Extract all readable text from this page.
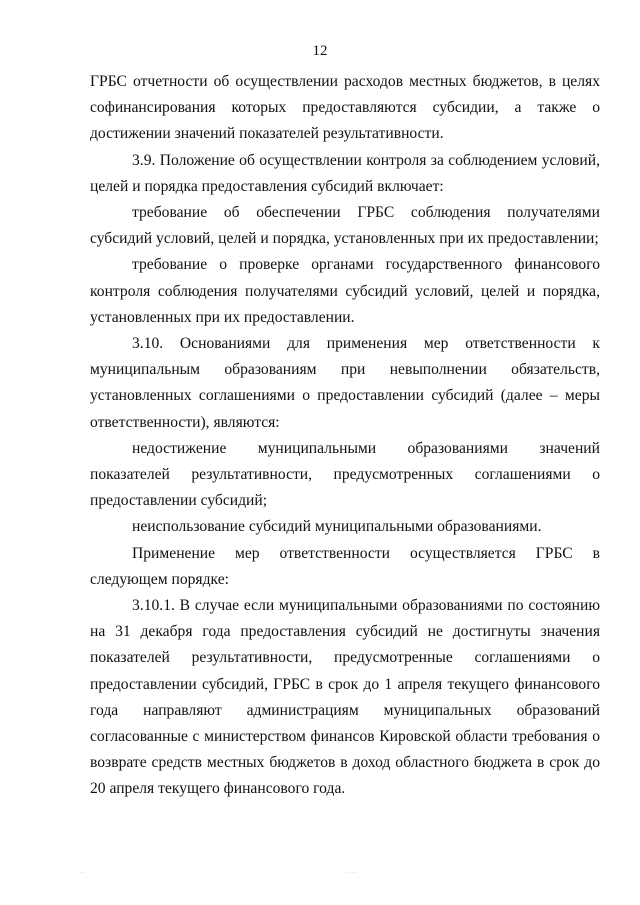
12

ГРБС отчетности об осуществлении расходов местных бюджетов, в целях софинансирования которых предоставляются субсидии, а также о достижении значений показателей результативности.

3.9. Положение об осуществлении контроля за соблюдением условий, целей и порядка предоставления субсидий включает:

требование об обеспечении ГРБС соблюдения получателями субсидий условий, целей и порядка, установленных при их предоставлении;

требование о проверке органами государственного финансового контроля соблюдения получателями субсидий условий, целей и порядка, установленных при их предоставлении.

3.10. Основаниями для применения мер ответственности к муниципальным образованиям при невыполнении обязательств, установленных соглашениями о предоставлении субсидий (далее – меры ответственности), являются:

недостижение муниципальными образованиями значений показателей результативности, предусмотренных соглашениями о предоставлении субсидий;

неиспользование субсидий муниципальными образованиями.

Применение мер ответственности осуществляется ГРБС в следующем порядке:

3.10.1. В случае если муниципальными образованиями по состоянию на 31 декабря года предоставления субсидий не достигнуты значения показателей результативности, предусмотренные соглашениями о предоставлении субсидий, ГРБС в срок до 1 апреля текущего финансового года направляют администрациям муниципальных образований согласованные с министерством финансов Кировской области требования о возврате средств местных бюджетов в доход областного бюджета в срок до 20 апреля текущего финансового года.

· · ·	· ·· ·
